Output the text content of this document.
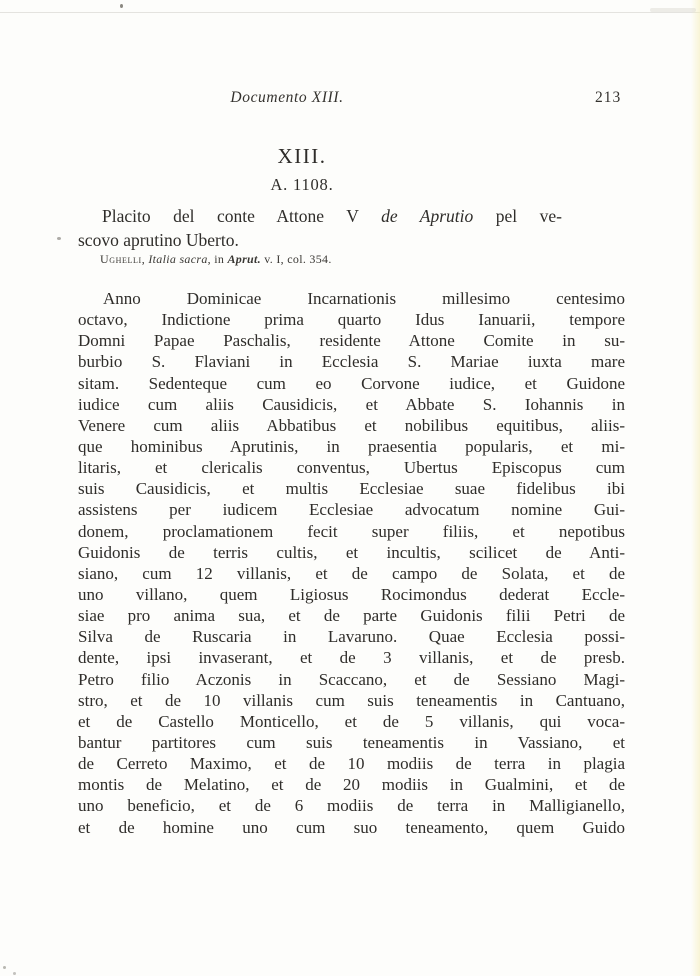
Documento XIII.	213
XIII.
A. 1108.
Placito del conte Attone V de Aprutio pel ve-
scovo aprutino Uberto.
Ughelli, Italia sacra, in Aprut. v. I, col. 354.
Anno Dominicae Incarnationis millesimo centesimo
octavo, Indictione prima quarto Idus Ianuarii, tempore
Domni Papae Paschalis, residente Attone Comite in su-
burbio S. Flaviani in Ecclesia S. Mariae iuxta mare
sitam. Sedenteque cum eo Corvone iudice, et Guidone
iudice cum aliis Causidicis, et Abbate S. Iohannis in
Venere cum aliis Abbatibus et nobilibus equitibus, aliis-
que hominibus Aprutinis, in praesentia popularis, et mi-
litaris, et clericalis conventus, Ubertus Episcopus cum
suis Causidicis, et multis Ecclesiae suae fidelibus ibi
assistens per iudicem Ecclesiae advocatum nomine Gui-
donem, proclamationem fecit super filiis, et nepotibus
Guidonis de terris cultis, et incultis, scilicet de Anti-
siano, cum 12 villanis, et de campo de Solata, et de
uno villano, quem Ligiosus Rocimondus dederat Eccle-
siae pro anima sua, et de parte Guidonis filii Petri de
Silva de Ruscaria in Lavaruno. Quae Ecclesia possi-
dente, ipsi invaserant, et de 3 villanis, et de presb.
Petro filio Aczonis in Scaccano, et de Sessiano Magi-
stro, et de 10 villanis cum suis teneamentis in Cantuano,
et de Castello Monticello, et de 5 villanis, qui voca-
bantur partitores cum suis teneamentis in Vassiano, et
de Cerreto Maximo, et de 10 modiis de terra in plagia
montis de Melatino, et de 20 modiis in Gualmini, et de
uno beneficio, et de 6 modiis de terra in Malligianello,
et de homine uno cum suo teneamento, quem Guido
